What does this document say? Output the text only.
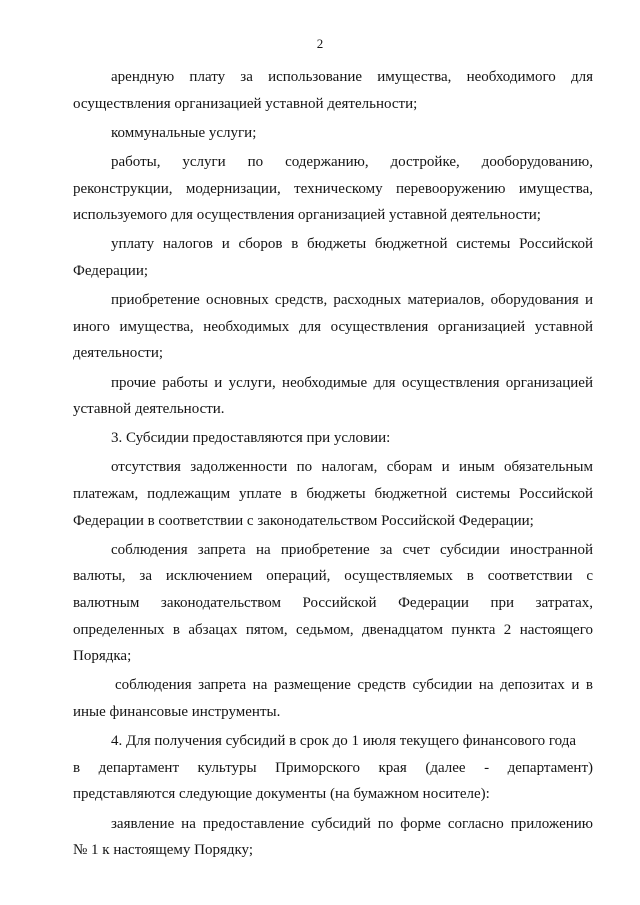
2

арендную плату за использование имущества, необходимого для
осуществления организацией уставной деятельности;

коммунальные услуги;

работы, услуги по содержанию, достройке, дооборудованию,
реконструкции, модернизации, техническому перевооружению имущества,
используемого для осуществления организацией уставной деятельности;

уплату налогов и сборов в бюджеты бюджетной системы Российской
Федерации;

приобретение основных средств, расходных материалов, оборудования и
иного имущества, необходимых для осуществления организацией уставной
деятельности;

прочие работы и услуги, необходимые для осуществления организацией
уставной деятельности.

3. Субсидии предоставляются при условии:

отсутствия задолженности по налогам, сборам и иным обязательным
платежам, подлежащим уплате в бюджеты бюджетной системы Российской
Федерации в соответствии с законодательством Российской Федерации;

соблюдения запрета на приобретение за счет субсидии иностранной
валюты, за исключением операций, осуществляемых в соответствии с
валютным законодательством Российской Федерации при затратах,
определенных в абзацах пятом, седьмом, двенадцатом пункта 2 настоящего
Порядка;

соблюдения запрета на размещение средств субсидии на депозитах и в
иные финансовые инструменты.

4. Для получения субсидий в срок до 1 июля текущего финансового года
в департамент культуры Приморского края (далее - департамент)
представляются следующие документы (на бумажном носителе):

заявление на предоставление субсидий по форме согласно приложению
№ 1 к настоящему Порядку;
